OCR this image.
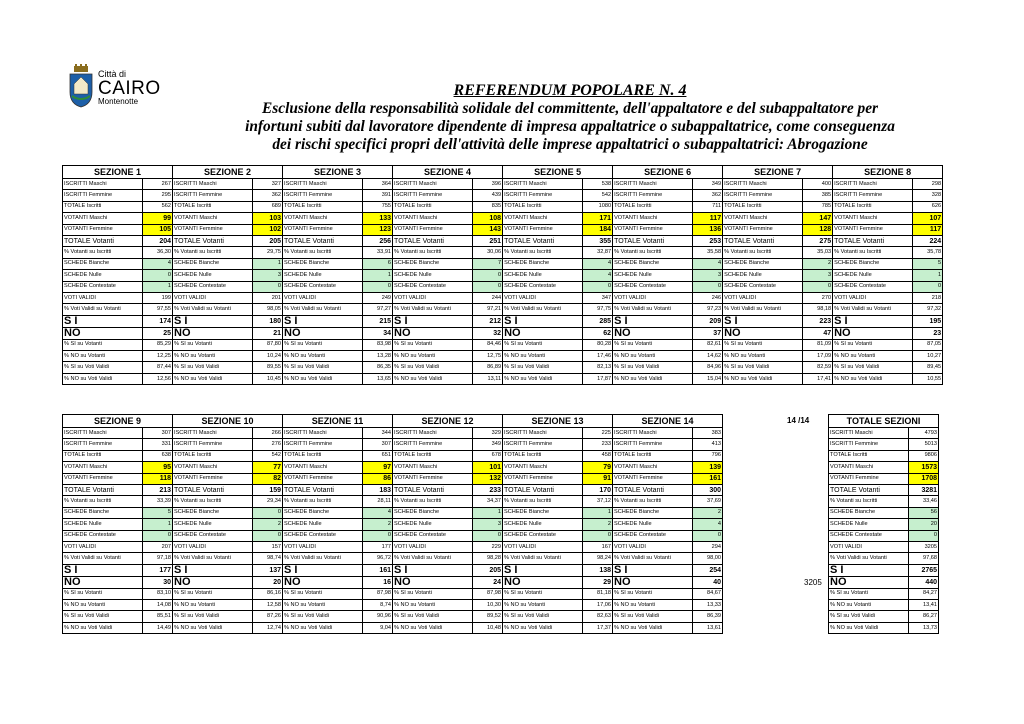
Città di
CAIRO
Montenotte
REFERENDUM POPOLARE N. 4
Esclusione della responsabilità solidale del committente, dell'appaltatore e del subappaltatore per
infortuni subiti dal lavoratore dipendente di impresa appaltatrice o subappaltatrice, come conseguenza
dei rischi specifici propri dell'attività delle imprese appaltatrici o subappaltatrici: Abrogazione
SEZIONE 1		SEZIONE 2		SEZIONE 3		SEZIONE 4		SEZIONE 5		SEZIONE 6		SEZIONE 7		SEZIONE 8	
ISCRITTI Maschi	267	ISCRITTI Maschi	327	ISCRITTI Maschi	364	ISCRITTI Maschi	396	ISCRITTI Maschi	538	ISCRITTI Maschi	349	ISCRITTI Maschi	400	ISCRITTI Maschi	298
ISCRITTI Femmine	295	ISCRITTI Femmine	362	ISCRITTI Femmine	391	ISCRITTI Femmine	439	ISCRITTI Femmine	542	ISCRITTI Femmine	362	ISCRITTI Femmine	385	ISCRITTI Femmine	328
TOTALE Iscritti	562	TOTALE Iscritti	689	TOTALE Iscritti	755	TOTALE Iscritti	835	TOTALE Iscritti	1080	TOTALE Iscritti	711	TOTALE Iscritti	785	TOTALE Iscritti	626
VOTANTI Maschi	99	VOTANTI Maschi	103	VOTANTI Maschi	133	VOTANTI Maschi	108	VOTANTI Maschi	171	VOTANTI Maschi	117	VOTANTI Maschi	147	VOTANTI Maschi	107
VOTANTI Femmine	105	VOTANTI Femmine	102	VOTANTI Femmine	123	VOTANTI Femmine	143	VOTANTI Femmine	184	VOTANTI Femmine	136	VOTANTI Femmine	128	VOTANTI Femmine	117
TOTALE Votanti	204	TOTALE Votanti	205	TOTALE Votanti	256	TOTALE Votanti	251	TOTALE Votanti	355	TOTALE Votanti	253	TOTALE Votanti	275	TOTALE Votanti	224
% Votanti su Iscritti	36,30	% Votanti su Iscritti	29,75	% Votanti su Iscritti	33,91	% Votanti su Iscritti	30,06	% Votanti su Iscritti	32,87	% Votanti su Iscritti	35,58	% Votanti su Iscritti	35,03	% Votanti su Iscritti	35,78
SCHEDE Bianche	4	SCHEDE Bianche	1	SCHEDE Bianche	6	SCHEDE Bianche	7	SCHEDE Bianche	4	SCHEDE Bianche	4	SCHEDE Bianche	2	SCHEDE Bianche	5
SCHEDE Nulle	0	SCHEDE Nulle	3	SCHEDE Nulle	1	SCHEDE Nulle	0	SCHEDE Nulle	4	SCHEDE Nulle	3	SCHEDE Nulle	3	SCHEDE Nulle	1
SCHEDE Contestate	1	SCHEDE Contestate	0	SCHEDE Contestate	0	SCHEDE Contestate	0	SCHEDE Contestate	0	SCHEDE Contestate	0	SCHEDE Contestate	0	SCHEDE Contestate	0
VOTI VALIDI	199	VOTI VALIDI	201	VOTI VALIDI	249	VOTI VALIDI	244	VOTI VALIDI	347	VOTI VALIDI	246	VOTI VALIDI	270	VOTI VALIDI	218
% Voti Validi su Votanti	97,55	% Voti Validi su Votanti	98,05	% Voti Validi su Votanti	97,27	% Voti Validi su Votanti	97,21	% Voti Validi su Votanti	97,75	% Voti Validi su Votanti	97,23	% Voti Validi su Votanti	98,18	% Voti Validi su Votanti	97,32
S I	174	S I	180	S I	215	S I	212	S I	285	S I	209	S I	223	S I	195
NO	25	NO	21	NO	34	NO	32	NO	62	NO	37	NO	47	NO	23
% SI su Votanti	85,29	% SI su Votanti	87,80	% SI su Votanti	83,98	% SI su Votanti	84,46	% SI su Votanti	80,28	% SI su Votanti	82,61	% SI su Votanti	81,09	% SI su Votanti	87,05
% NO su Votanti	12,25	% NO su Votanti	10,24	% NO su Votanti	13,28	% NO su Votanti	12,75	% NO su Votanti	17,46	% NO su Votanti	14,62	% NO su Votanti	17,09	% NO su Votanti	10,27
% SI su Voti Validi	87,44	% SI su Voti Validi	89,55	% SI su Voti Validi	86,35	% SI su Voti Validi	86,89	% SI su Voti Validi	82,13	% SI su Voti Validi	84,96	% SI su Voti Validi	82,59	% SI su Voti Validi	89,45
% NO su Voti Validi	12,56	% NO su Voti Validi	10,45	% NO su Voti Validi	13,65	% NO su Voti Validi	13,11	% NO su Voti Validi	17,87	% NO su Voti Validi	15,04	% NO su Voti Validi	17,41	% NO su Voti Validi	10,55
SEZIONE 9		SEZIONE 10		SEZIONE 11		SEZIONE 12		SEZIONE 13		SEZIONE 14	
ISCRITTI Maschi	307	ISCRITTI Maschi	266	ISCRITTI Maschi	344	ISCRITTI Maschi	329	ISCRITTI Maschi	225	ISCRITTI Maschi	383
ISCRITTI Femmine	331	ISCRITTI Femmine	276	ISCRITTI Femmine	307	ISCRITTI Femmine	349	ISCRITTI Femmine	233	ISCRITTI Femmine	413
TOTALE Iscritti	638	TOTALE Iscritti	542	TOTALE Iscritti	651	TOTALE Iscritti	678	TOTALE Iscritti	458	TOTALE Iscritti	796
VOTANTI Maschi	95	VOTANTI Maschi	77	VOTANTI Maschi	97	VOTANTI Maschi	101	VOTANTI Maschi	79	VOTANTI Maschi	139
VOTANTI Femmine	118	VOTANTI Femmine	82	VOTANTI Femmine	86	VOTANTI Femmine	132	VOTANTI Femmine	91	VOTANTI Femmine	161
TOTALE Votanti	213	TOTALE Votanti	159	TOTALE Votanti	183	TOTALE Votanti	233	TOTALE Votanti	170	TOTALE Votanti	300
% Votanti su Iscritti	33,39	% Votanti su Iscritti	29,34	% Votanti su Iscritti	28,11	% Votanti su Iscritti	34,37	% Votanti su Iscritti	37,12	% Votanti su Iscritti	37,69
SCHEDE Bianche	5	SCHEDE Bianche	0	SCHEDE Bianche	4	SCHEDE Bianche	1	SCHEDE Bianche	1	SCHEDE Bianche	2
SCHEDE Nulle	1	SCHEDE Nulle	2	SCHEDE Nulle	2	SCHEDE Nulle	3	SCHEDE Nulle	2	SCHEDE Nulle	4
SCHEDE Contestate	0	SCHEDE Contestate	0	SCHEDE Contestate	0	SCHEDE Contestate	0	SCHEDE Contestate	0	SCHEDE Contestate	0
VOTI VALIDI	207	VOTI VALIDI	157	VOTI VALIDI	177	VOTI VALIDI	229	VOTI VALIDI	167	VOTI VALIDI	294
% Voti Validi su Votanti	97,18	% Voti Validi su Votanti	98,74	% Voti Validi su Votanti	96,72	% Voti Validi su Votanti	98,28	% Voti Validi su Votanti	98,24	% Voti Validi su Votanti	98,00
S I	177	S I	137	S I	161	S I	205	S I	138	S I	254
NO	30	NO	20	NO	16	NO	24	NO	29	NO	40
% SI su Votanti	83,10	% SI su Votanti	86,16	% SI su Votanti	87,98	% SI su Votanti	87,98	% SI su Votanti	81,18	% SI su Votanti	84,67
% NO su Votanti	14,08	% NO su Votanti	12,58	% NO su Votanti	8,74	% NO su Votanti	10,30	% NO su Votanti	17,06	% NO su Votanti	13,33
% SI su Voti Validi	85,51	% SI su Voti Validi	87,26	% SI su Voti Validi	90,96	% SI su Voti Validi	89,52	% SI su Voti Validi	82,63	% SI su Voti Validi	86,39
% NO su Voti Validi	14,49	% NO su Voti Validi	12,74	% NO su Voti Validi	9,04	% NO su Voti Validi	10,48	% NO su Voti Validi	17,37	% NO su Voti Validi	13,61
TOTALE SEZIONI	
ISCRITTI Maschi	4793
ISCRITTI Femmine	5013
TOTALE Iscritti	9806
VOTANTI Maschi	1573
VOTANTI Femmine	1708
TOTALE Votanti	3281
% Votanti su Iscritti	33,46
SCHEDE Bianche	56
SCHEDE Nulle	20
SCHEDE Contestate	0
VOTI VALIDI	3205
% Voti Validi su Votanti	97,68
S I	2765
NO	440
% SI su Votanti	84,27
% NO su Votanti	13,41
% SI su Voti Validi	86,27
% NO su Voti Validi	13,73
14 /14
3205
